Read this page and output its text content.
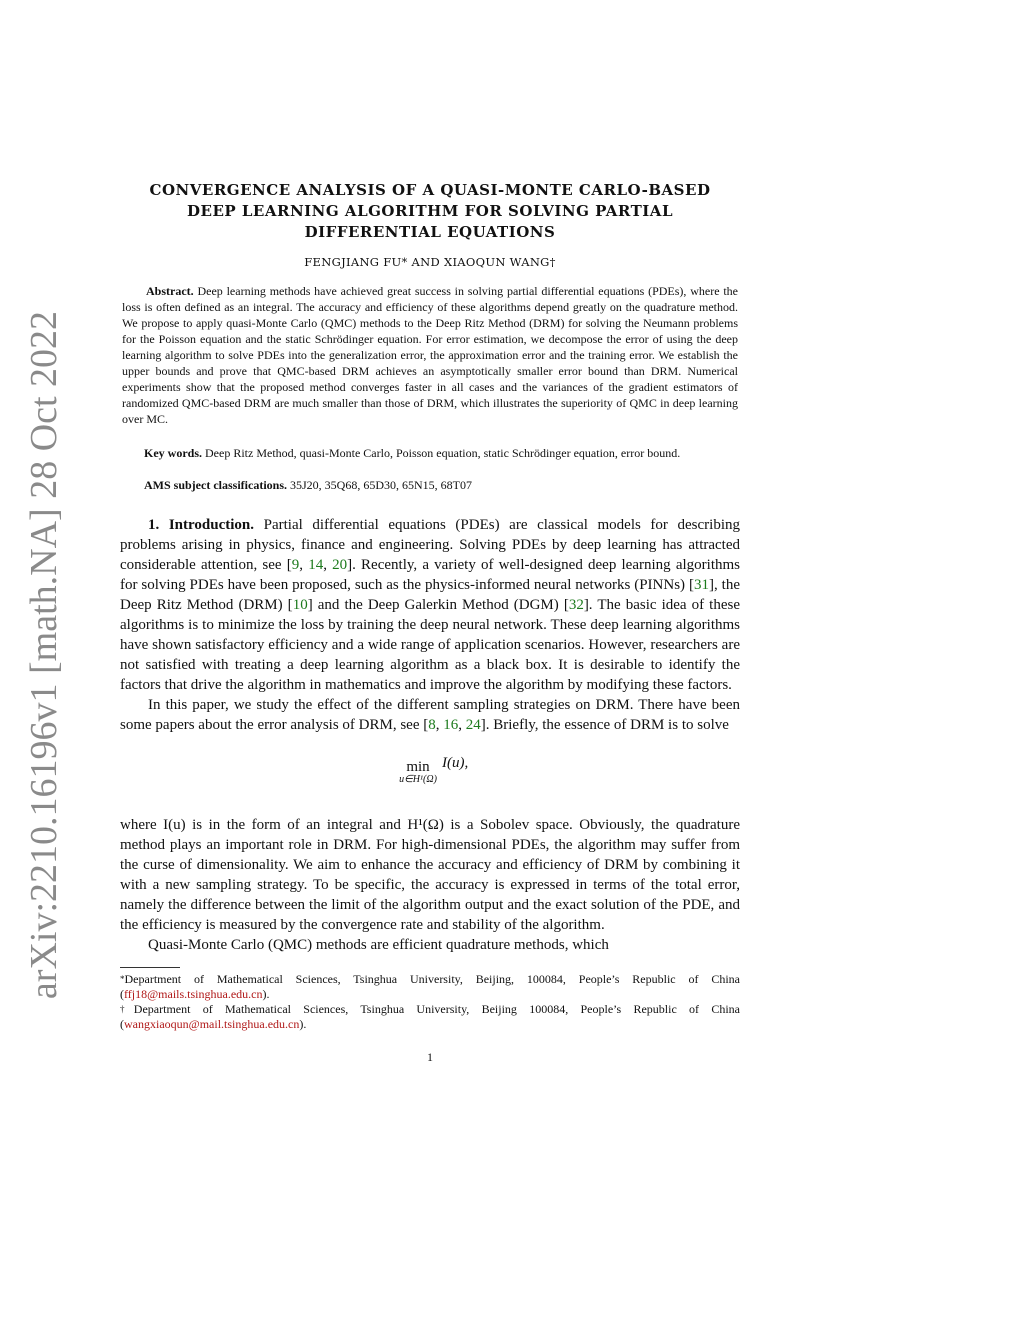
arXiv:2210.16196v1 [math.NA] 28 Oct 2022

CONVERGENCE ANALYSIS OF A QUASI-MONTE CARLO-BASED

DEEP LEARNING ALGORITHM FOR SOLVING PARTIAL

DIFFERENTIAL EQUATIONS

FENGJIANG FU* AND XIAOQUN WANG†

Abstract. Deep learning methods have achieved great success in solving partial differential equations (PDEs), where the loss is often defined as an integral. The accuracy and efficiency of these algorithms depend greatly on the quadrature method. We propose to apply quasi-Monte Carlo (QMC) methods to the Deep Ritz Method (DRM) for solving the Neumann problems for the Poisson equation and the static Schrödinger equation. For error estimation, we decompose the error of using the deep learning algorithm to solve PDEs into the generalization error, the approximation error and the training error. We establish the upper bounds and prove that QMC-based DRM achieves an asymptotically smaller error bound than DRM. Numerical experiments show that the proposed method converges faster in all cases and the variances of the gradient estimators of randomized QMC-based DRM are much smaller than those of DRM, which illustrates the superiority of QMC in deep learning over MC.

Key words. Deep Ritz Method, quasi-Monte Carlo, Poisson equation, static Schrödinger equation, error bound.

AMS subject classifications. 35J20, 35Q68, 65D30, 65N15, 68T07

1. Introduction. Partial differential equations (PDEs) are classical models for describing problems arising in physics, finance and engineering. Solving PDEs by deep learning has attracted considerable attention, see [9, 14, 20]. Recently, a variety of well-designed deep learning algorithms for solving PDEs have been proposed, such as the physics-informed neural networks (PINNs) [31], the Deep Ritz Method (DRM) [10] and the Deep Galerkin Method (DGM) [32]. The basic idea of these algorithms is to minimize the loss by training the deep neural network. These deep learning algorithms have shown satisfactory efficiency and a wide range of application scenarios. However, researchers are not satisfied with treating a deep learning algorithm as a black box. It is desirable to identify the factors that drive the algorithm in mathematics and improve the algorithm by modifying these factors.

In this paper, we study the effect of the different sampling strategies on DRM. There have been some papers about the error analysis of DRM, see [8, 16, 24]. Briefly, the essence of DRM is to solve

min
u∈H¹(Ω)
I(u),

where I(u) is in the form of an integral and H¹(Ω) is a Sobolev space. Obviously, the quadrature method plays an important role in DRM. For high-dimensional PDEs, the algorithm may suffer from the curse of dimensionality. We aim to enhance the accuracy and efficiency of DRM by combining it with a new sampling strategy. To be specific, the accuracy is expressed in terms of the total error, namely the difference between the limit of the algorithm output and the exact solution of the PDE, and the efficiency is measured by the convergence rate and stability of the algorithm.

Quasi-Monte Carlo (QMC) methods are efficient quadrature methods, which

*Department of Mathematical Sciences, Tsinghua University, Beijing, 100084, People’s Republic of China (ffj18@mails.tsinghua.edu.cn).

†Department of Mathematical Sciences, Tsinghua University, Beijing 100084, People’s Republic of China (wangxiaoqun@mail.tsinghua.edu.cn).

1
